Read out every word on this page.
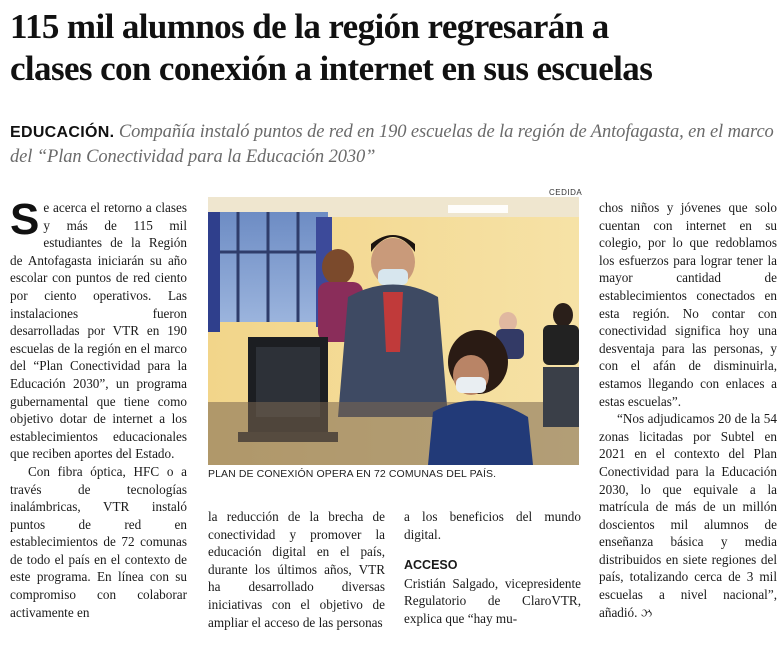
115 mil alumnos de la región regresarán a
clases con conexión a internet en sus escuelas
EDUCACIÓN. Compañía instaló puntos de red en 190 escuelas de la región de Antofagasta, en el marco del “Plan Conectividad para la Educación 2030”
CEDIDA
PLAN DE CONEXIÓN OPERA EN 72 COMUNAS DEL PAÍS.

Se acerca el retorno a clases y más de 115 mil estudiantes de la Región de Antofagasta iniciarán su año escolar con puntos de red ciento por ciento operativos. Las instalaciones fueron desarrolladas por VTR en 190 escuelas de la región en el marco del “Plan Conectividad para la Educación 2030”, un programa gubernamental que tiene como objetivo dotar de internet a los establecimientos educacionales que reciben aportes del Estado.

Con fibra óptica, HFC o a través de tecnologías inalámbricas, VTR instaló puntos de red en establecimientos de 72 comunas de todo el país en el contexto de este programa. En línea con su compromiso con colaborar activamente en

la reducción de la brecha de conectividad y promover la educación digital en el país, durante los últimos años, VTR ha desarrollado diversas iniciativas con el objetivo de ampliar el acceso de las personas

a los beneficios del mundo digital.

ACCESO

Cristián Salgado, vicepresidente Regulatorio de ClaroVTR, explica que “hay mu-

chos niños y jóvenes que solo cuentan con internet en su colegio, por lo que redoblamos los esfuerzos para lograr tener la mayor cantidad de establecimientos conectados en esta región. No contar con conectividad significa hoy una desventaja para las personas, y con el afán de disminuirla, estamos llegando con enlaces a estas escuelas”.

“Nos adjudicamos 20 de la 54 zonas licitadas por Subtel en 2021 en el contexto del Plan Conectividad para la Educación 2030, lo que equivale a la matrícula de más de un millón doscientos mil alumnos de enseñanza básica y media distribuidos en siete regiones del país, totalizando cerca de 3 mil escuelas a nivel nacional”, añadió. ઝ
